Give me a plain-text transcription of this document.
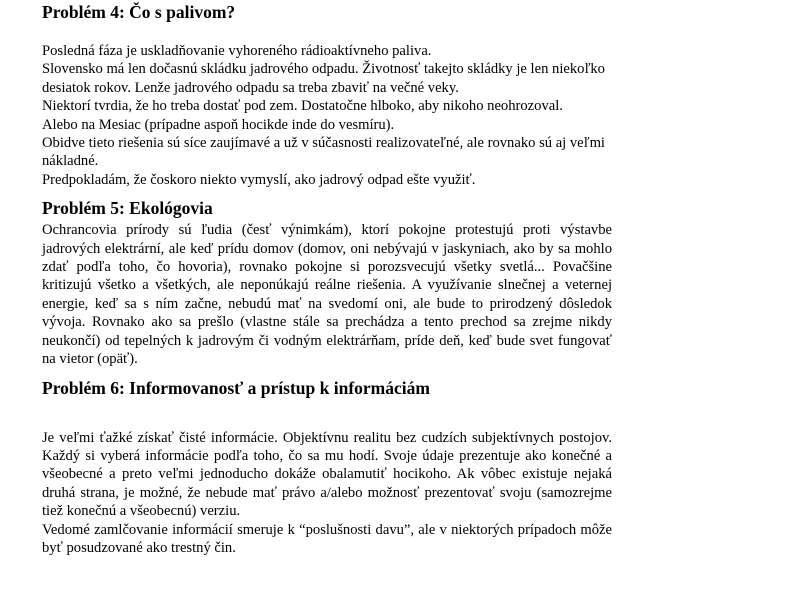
Problém 4: Čo s palivom?

Posledná fáza je uskladňovanie vyhoreného rádioaktívneho paliva.

Slovensko má len dočasnú skládku jadrového odpadu. Životnosť takejto skládky je len niekoľko desiatok rokov. Lenže jadrového odpadu sa treba zbaviť na večné veky.

Niektorí tvrdia, že ho treba dostať pod zem. Dostatočne hlboko, aby nikoho neohrozoval.

Alebo na Mesiac (prípadne aspoň hocikde inde do vesmíru).

Obidve tieto riešenia sú síce zaujímavé a už v súčasnosti realizovateľné, ale rovnako sú aj veľmi nákladné.

Predpokladám, že čoskoro niekto vymyslí, ako jadrový odpad ešte využiť.

Problém 5: Ekológovia

Ochrancovia prírody sú ľudia (česť výnimkám), ktorí pokojne protestujú proti výstavbe jadrových elektrární, ale keď prídu domov (domov, oni nebývajú v jaskyniach, ako by sa mohlo zdať podľa toho, čo hovoria), rovnako pokojne si porozsvecujú všetky svetlá... Povačšine kritizujú všetko a všetkých, ale neponúkajú reálne riešenia. A využívanie slnečnej a veternej energie, keď sa s ním začne, nebudú mať na svedomí oni, ale bude to prirodzený dôsledok vývoja. Rovnako ako sa prešlo (vlastne stále sa prechádza a tento prechod sa zrejme nikdy neukončí) od tepelných k jadrovým či vodným elektrárňam, príde deň, keď bude svet fungovať na vietor (opäť).

Problém 6: Informovanosť a prístup k informáciám

Je veľmi ťažké získať čisté informácie. Objektívnu realitu bez cudzích subjektívnych postojov. Každý si vyberá informácie podľa toho, čo sa mu hodí. Svoje údaje prezentuje ako konečné a všeobecné a preto veľmi jednoducho dokáže obalamutiť hocikoho. Ak vôbec existuje nejaká druhá strana, je možné, že nebude mať právo a/alebo možnosť prezentovať svoju (samozrejme tiež konečnú a všeobecnú) verziu.

Vedomé zamlčovanie informácií smeruje k “poslušnosti davu”, ale v niektorých prípadoch môže byť posudzované ako trestný čin.
